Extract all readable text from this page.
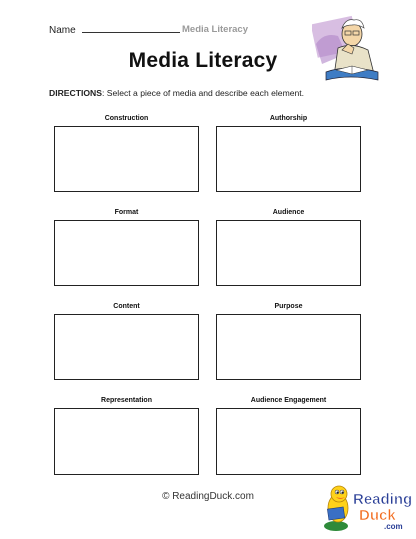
Name	Media Literacy
Media Literacy
DIRECTIONS: Select a piece of media and describe each element.
Construction	Authorship
Format	Audience
Content	Purpose
Representation	Audience Engagement
© ReadingDuck.com	Reading
Duck
.com
